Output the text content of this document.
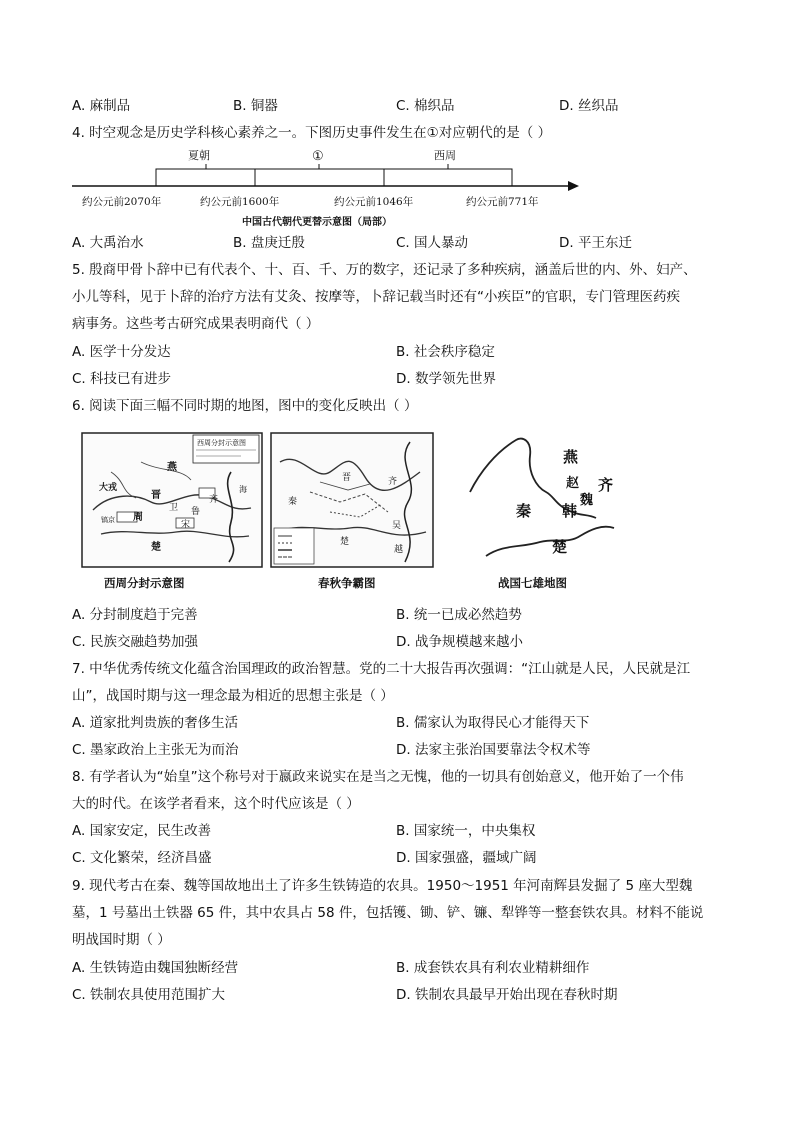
A. 麻制品	B. 铜器	C. 棉织品	D. 丝织品
4. 时空观念是历史学科核心素养之一。下图历史事件发生在①对应朝代的是（ ）
夏朝	①	西周
约公元前2070年	约公元前1600年	约公元前1046年	约公元前771年
中国古代朝代更替示意图（局部）
A. 大禹治水	B. 盘庚迁殷	C. 国人暴动	D. 平王东迁
5. 殷商甲骨卜辞中已有代表个、十、百、千、万的数字，还记录了多种疾病，涵盖后世的内、外、妇产、
小儿等科，见于卜辞的治疗方法有艾灸、按摩等，卜辞记载当时还有“小疾臣”的官职，专门管理医药疾
病事务。这些考古研究成果表明商代（ ）
A. 医学十分发达	B. 社会秩序稳定
C. 科技已有进步	D. 数学领先世界
6. 阅读下面三幅不同时期的地图，图中的变化反映出（ ）
西周分封示意图
燕
大戎
晋
周	鲁
卫
齐
宋
楚
镐京
海
西周分封示意图
秦
晋
楚
齐
吴
越
春秋争霸图
燕
赵 齐
魏
韩
秦
楚
战国七雄地图
A. 分封制度趋于完善	B. 统一已成必然趋势
C. 民族交融趋势加强	D. 战争规模越来越小
7. 中华优秀传统文化蕴含治国理政的政治智慧。党的二十大报告再次强调：“江山就是人民，人民就是江
山”，战国时期与这一理念最为相近的思想主张是（ ）
A. 道家批判贵族的奢侈生活	B. 儒家认为取得民心才能得天下
C. 墨家政治上主张无为而治	D. 法家主张治国要靠法令权术等
8. 有学者认为“始皇”这个称号对于嬴政来说实在是当之无愧，他的一切具有创始意义，他开始了一个伟
大的时代。在该学者看来，这个时代应该是（ ）
A. 国家安定，民生改善	B. 国家统一，中央集权
C. 文化繁荣，经济昌盛	D. 国家强盛，疆域广阔
9. 现代考古在秦、魏等国故地出土了许多生铁铸造的农具。1950～1951 年河南辉县发掘了 5 座大型魏
墓，1 号墓出土铁器 65 件，其中农具占 58 件，包括镬、锄、铲、镰、犁铧等一整套铁农具。材料不能说
明战国时期（ ）
A. 生铁铸造由魏国独断经营	B. 成套铁农具有利农业精耕细作
C. 铁制农具使用范围扩大	D. 铁制农具最早开始出现在春秋时期
